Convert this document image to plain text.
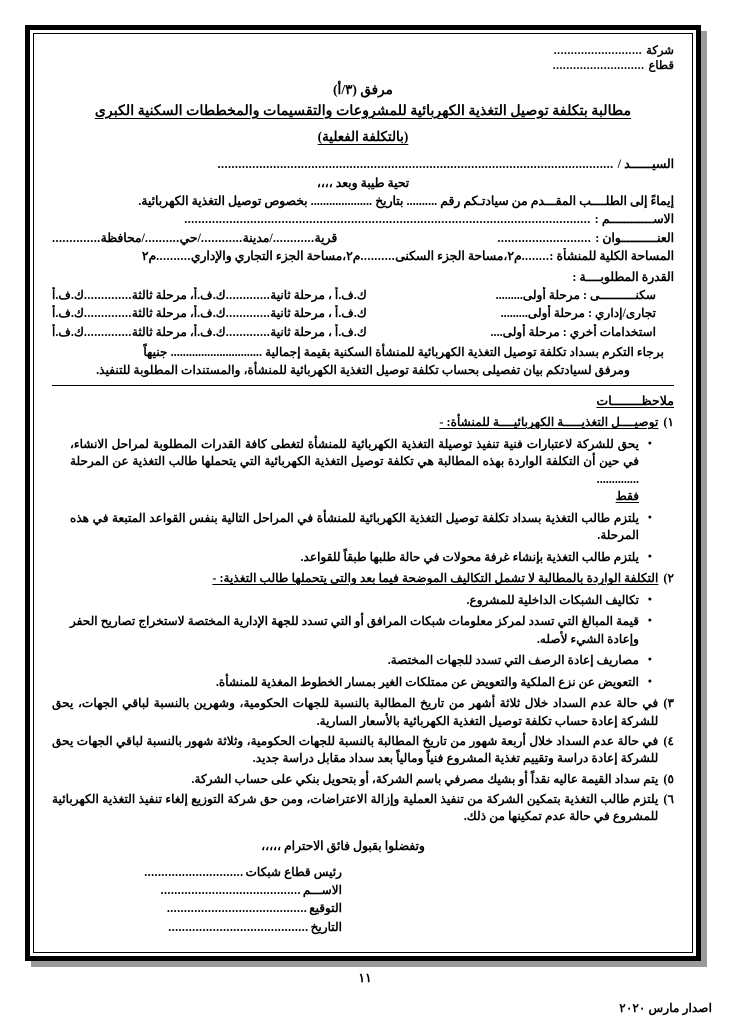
شركة
..........................
قطاع
...........................
مرفق (٣/أ)
مطالبة بتكلفة توصيل التغذية الكهربائية للمشروعات والتقسيمات والمخططات السكنية الكبرى
(بالتكلفة الفعلية)
السيــــــد /
..................................................................................................................
تحية طيبة وبعد ،،،،
إيماءً إلى الطلــــب المقـــدم من سيادتـكم رقم .......... بتاريخ .................... بخصوص توصيل التغذية الكهربائية.
الاســــــــــــم :
.....................................................................................................................
العنــــــــــوان :
...........................
قرية
............
/مدينة
............
/حي
..........
/محافظة
..............
المساحة الكلية للمنشأة :
........
م٢،
مساحة الجزء السكنى
..........
م٢،
مساحة الجزء التجاري والإداري
..........
م٢
القدرة المطلوبــــة :
سكنــــــــــى : مرحلة أولى
.........
ك.ف.أ ، مرحلة ثانية
.............
ك.ف.أ، مرحلة ثالثة
..............
ك.ف.أ
تجارى/إداري : مرحلة أولى
.........
ك.ف.أ ، مرحلة ثانية
.............
ك.ف.أ، مرحلة ثالثة
..............
ك.ف.أ
استخدامات أخري : مرحلة أولى
....
ك.ف.أ ، مرحلة ثانية
.............
ك.ف.أ، مرحلة ثالثة
..............
ك.ف.أ
برجاء التكرم بسداد تكلفة توصيل التغذية الكهربائية للمنشأة السكنية بقيمة إجمالية .............................. جنيهاً
ومرفق لسيادتكم بيان تفصيلى بحساب تكلفة توصيل التغذية الكهربائية للمنشأة، والمستندات المطلوبة للتنفيذ.
ملاحظــــــــات
١)
توصيــــل التغذيـــــة الكهربائيــــة للمنشأة: -
● يحق للشركة لاعتبارات فنية تنفيذ توصيلة التغذية الكهربائية للمنشأة لتغطى كافة القدرات المطلوبة لمراحل الانشاء، في حين أن التكلفة الواردة بهذه المطالبة هي تكلفة توصيل التغذية الكهربائية التي يتحملها طالب التغذية عن المرحلة ..............
فقط
● يلتزم طالب التغذية بسداد تكلفة توصيل التغذية الكهربائية للمنشأة في المراحل التالية بنفس القواعد المتبعة في هذه المرحلة.
● يلتزم طالب التغذية بإنشاء غرفة محولات في حالة طلبها طبقاً للقواعد.
٢)
التكلفة الواردة بالمطالبة لا تشمل التكاليف الموضحة فيما بعد والتى يتحملها طالب التغذية: -
● تكاليف الشبكات الداخلية للمشروع.
● قيمة المبالغ التي تسدد لمركز معلومات شبكات المرافق أو التي تسدد للجهة الإدارية المختصة لاستخراج تصاريح الحفر وإعادة الشيء لأصله.
● مصاريف إعادة الرصف التي تسدد للجهات المختصة.
● التعويض عن نزع الملكية والتعويض عن ممتلكات الغير بمسار الخطوط المغذية للمنشأة.
٣)
في حالة عدم السداد خلال ثلاثة أشهر من تاريخ المطالبة بالنسبة للجهات الحكومية، وشهرين بالنسبة لباقي الجهات، يحق للشركة إعادة حساب تكلفة توصيل التغذية الكهربائية بالأسعار السارية.
٤)
في حالة عدم السداد خلال أربعة شهور من تاريخ المطالبة بالنسبة للجهات الحكومية، وثلاثة شهور بالنسبة لباقي الجهات يحق للشركة إعادة دراسة وتقييم تغذية المشروع فنياً ومالياً بعد سداد مقابل دراسة جديد.
٥)
يتم سداد القيمة عاليه نقداً أو بشيك مصرفي باسم الشركة، أو بتحويل بنكي على حساب الشركة.
٦)
يلتزم طالب التغذية بتمكين الشركة من تنفيذ العملية وإزالة الاعتراضات، ومن حق شركة التوزيع إلغاء تنفيذ التغذية الكهربائية للمشروع في حالة عدم تمكينها من ذلك.
وتفضلوا بقبول فائق الاحترام ،،،،،
رئيس قطاع شبكات
.............................
الاســـم
.........................................
التوقيع
.........................................
التاريخ
.........................................
١١
اصدار مارس ٢٠٢٠
